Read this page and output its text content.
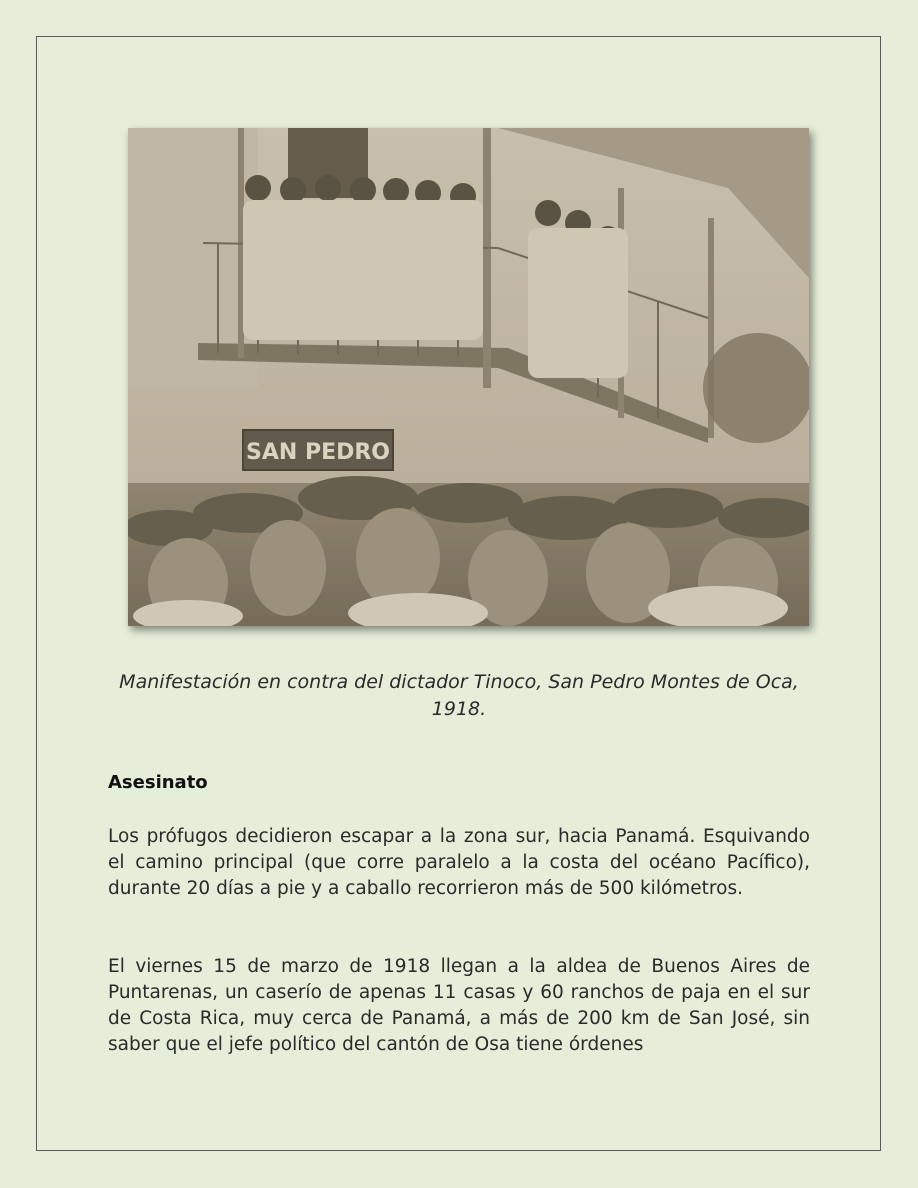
SAN PEDRO
Manifestación en contra del dictador Tinoco, San Pedro Montes de Oca, 1918.
Asesinato

Los prófugos decidieron escapar a la zona sur, hacia Panamá. Esquivando el camino principal (que corre paralelo a la costa del océano Pacífico), durante 20 días a pie y a caballo recorrieron más de 500 kilómetros.

El viernes 15 de marzo de 1918 llegan a la aldea de Buenos Aires de Puntarenas, un caserío de apenas 11 casas y 60 ranchos de paja en el sur de Costa Rica, muy cerca de Panamá, a más de 200 km de San José, sin saber que el jefe político del cantón de Osa tiene órdenes
